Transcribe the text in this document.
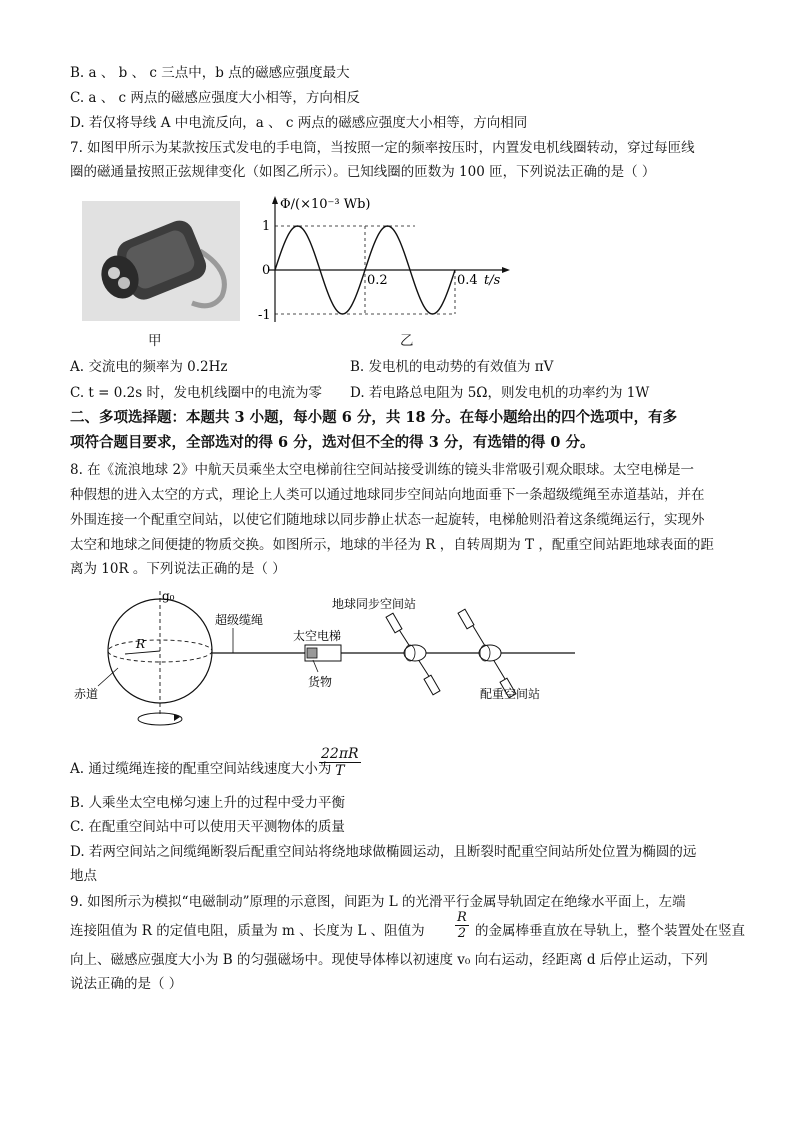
B. a 、 b 、 c 三点中，b 点的磁感应强度最大
C. a 、 c 两点的磁感应强度大小相等，方向相反
D. 若仅将导线 A 中电流反向，a 、 c 两点的磁感应强度大小相等，方向相同
7. 如图甲所示为某款按压式发电的手电筒，当按照一定的频率按压时，内置发电机线圈转动，穿过每匝线
圈的磁通量按照正弦规律变化（如图乙所示）。已知线圈的匝数为 100 匝，下列说法正确的是（ ）
甲
Φ/(×10⁻³ Wb)
1
0
-1
0.2	0.4 t/s
乙
A. 交流电的频率为 0.2Hz	B. 发电机的电动势的有效值为 πV
C. t = 0.2s 时，发电机线圈中的电流为零 D. 若电路总电阻为 5Ω，则发电机的功率约为 1W
二、多项选择题：本题共 3 小题，每小题 6 分，共 18 分。在每小题给出的四个选项中，有多
项符合题目要求，全部选对的得 6 分，选对但不全的得 3 分，有选错的得 0 分。
8. 在《流浪地球 2》中航天员乘坐太空电梯前往空间站接受训练的镜头非常吸引观众眼球。太空电梯是一
种假想的进入太空的方式，理论上人类可以通过地球同步空间站向地面垂下一条超级缆绳至赤道基站，并在
外围连接一个配重空间站，以使它们随地球以同步静止状态一起旋转，电梯舱则沿着这条缆绳运行，实现外
太空和地球之间便捷的物质交换。如图所示，地球的半径为 R ，自转周期为 T ，配重空间站距地球表面的距
离为 10R 。下列说法正确的是（ ）
g₀
R
赤道
超级缆绳
太空电梯
货物
地球同步空间站
配重空间站
A. 通过缆绳连接的配重空间站线速度大小为
$\frac{22\pi R}{T}$
B. 人乘坐太空电梯匀速上升的过程中受力平衡
C. 在配重空间站中可以使用天平测物体的质量
D. 若两空间站之间缆绳断裂后配重空间站将绕地球做椭圆运动，且断裂时配重空间站所处位置为椭圆的远
地点
9. 如图所示为模拟“电磁制动”原理的示意图，间距为 L 的光滑平行金属导轨固定在绝缘水平面上，左端
连接阻值为 R 的定值电阻，质量为 m 、长度为 L 、阻值为 $\frac{R}{2}$ 的金属棒垂直放在导轨上，整个装置处在竖直
向上、磁感应强度大小为 B 的匀强磁场中。现使导体棒以初速度 v₀ 向右运动，经距离 d 后停止运动，下列
说法正确的是（ ）
